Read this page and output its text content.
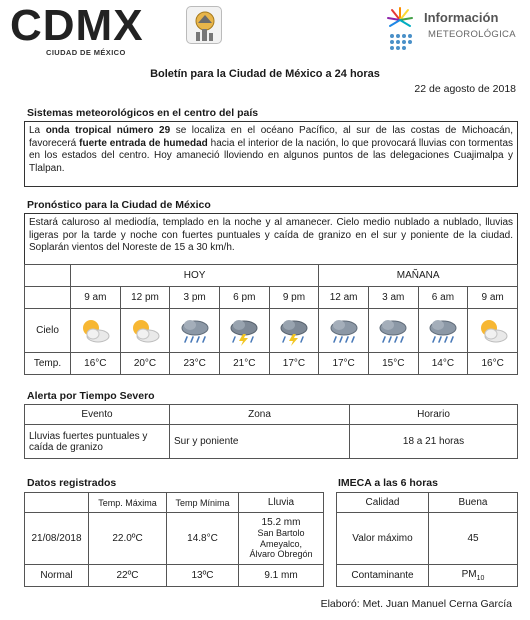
CDMX
CIUDAD DE MÉXICO
Información
METEOROLÓGICA
Boletín para la Ciudad de México a 24 horas
22 de agosto de 2018
Sistemas meteorológicos en el centro del país
La onda tropical número 29 se localiza en el océano Pacífico, al sur de las costas de Michoacán, favorecerá fuerte entrada de humedad hacia el interior de la nación, lo que provocará lluvias con tormentas en los estados del centro. Hoy amaneció lloviendo en algunos puntos de las delegaciones Cuajimalpa y Tlalpan.
Pronóstico para la Ciudad de México
Estará caluroso al mediodía, templado en la noche y al amanecer. Cielo medio nublado a nublado, lluvias ligeras por la tarde y noche con fuertes puntuales y caída de granizo en el sur y poniente de la ciudad. Soplarán vientos del Noreste de 15 a 30 km/h.
	HOY					MAÑANA			
	9 am	12 pm	3 pm	6 pm	9 pm	12 am	3 am	6 am	9 am
Cielo	

Temp.	16°C	20°C	23°C	21°C	17°C	17°C	15°C	14°C	16°C
Alerta por Tiempo Severo
Evento	Zona	Horario
Lluvias fuertes puntuales y caída de granizo	Sur y poniente	18 a 21 horas
Datos registrados
	Temp. Máxima	Temp Mínima	Lluvia
21/08/2018	22.0ºC	14.8°C	15.2 mm
San Bartolo
Ameyalco,
Álvaro Obregón

Normal	22ºC	13ºC	9.1 mm
IMECA a las 6 horas
Calidad	Buena
Valor máximo	45
Contaminante	$PM_{10}$
Elaboró: Met. Juan Manuel Cerna García
